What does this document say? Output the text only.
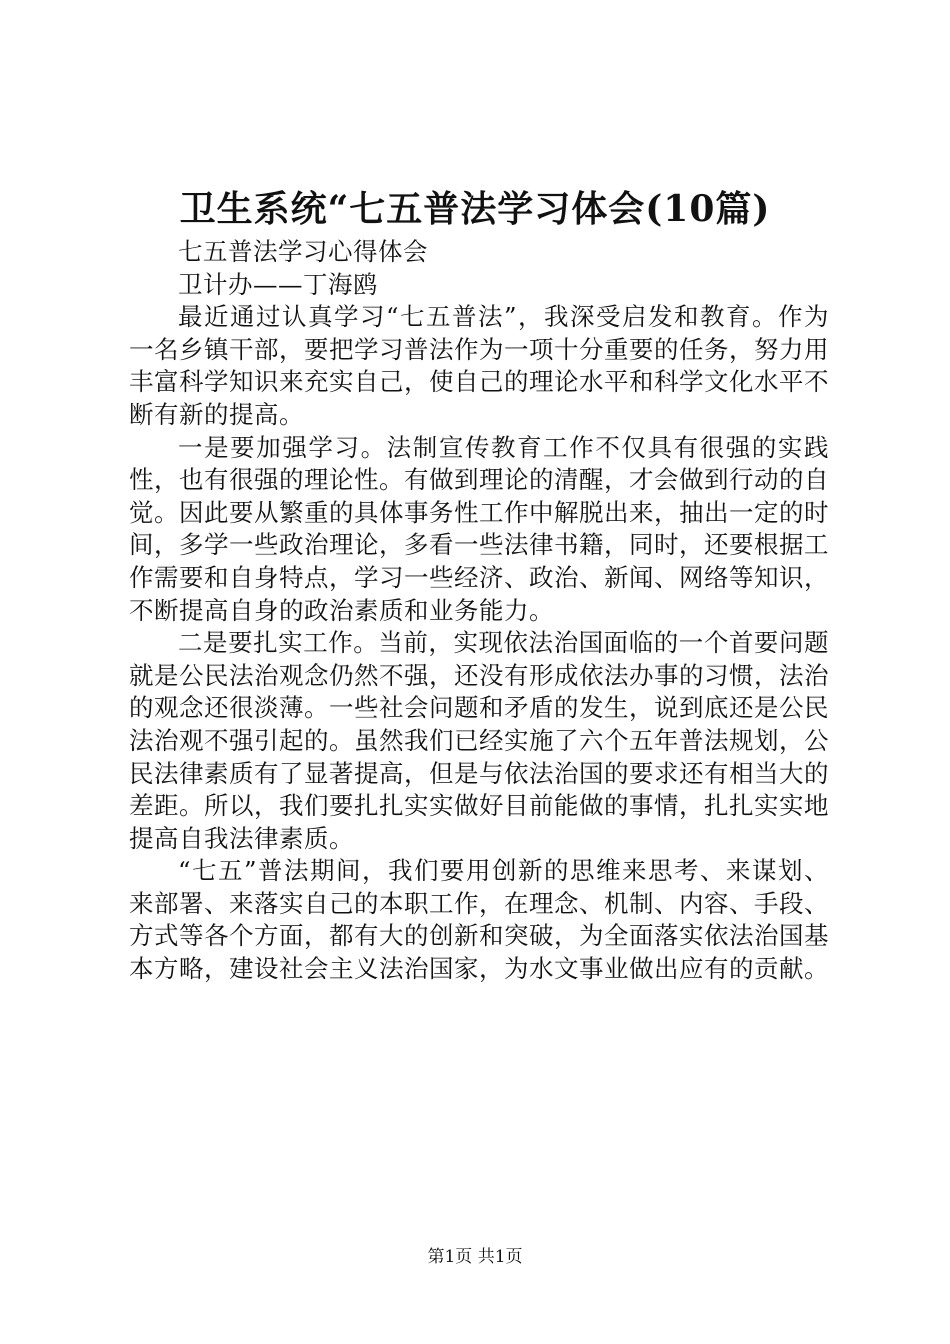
卫生系统“七五普法学习体会(10篇)

七五普法学习心得体会

卫计办——丁海鸥

最近通过认真学习“七五普法”，我深受启发和教育。作为一名乡镇干部，要把学习普法作为一项十分重要的任务，努力用丰富科学知识来充实自己，使自己的理论水平和科学文化水平不断有新的提高。

一是要加强学习。法制宣传教育工作不仅具有很强的实践性，也有很强的理论性。有做到理论的清醒，才会做到行动的自觉。因此要从繁重的具体事务性工作中解脱出来，抽出一定的时间，多学一些政治理论，多看一些法律书籍，同时，还要根据工作需要和自身特点，学习一些经济、政治、新闻、网络等知识，不断提高自身的政治素质和业务能力。

二是要扎实工作。当前，实现依法治国面临的一个首要问题就是公民法治观念仍然不强，还没有形成依法办事的习惯，法治的观念还很淡薄。一些社会问题和矛盾的发生，说到底还是公民法治观不强引起的。虽然我们已经实施了六个五年普法规划，公民法律素质有了显著提高，但是与依法治国的要求还有相当大的差距。所以，我们要扎扎实实做好目前能做的事情，扎扎实实地提高自我法律素质。

“七五”普法期间，我们要用创新的思维来思考、来谋划、来部署、来落实自己的本职工作，在理念、机制、内容、手段、方式等各个方面，都有大的创新和突破，为全面落实依法治国基本方略，建设社会主义法治国家，为水文事业做出应有的贡献。

第1页 共1页
